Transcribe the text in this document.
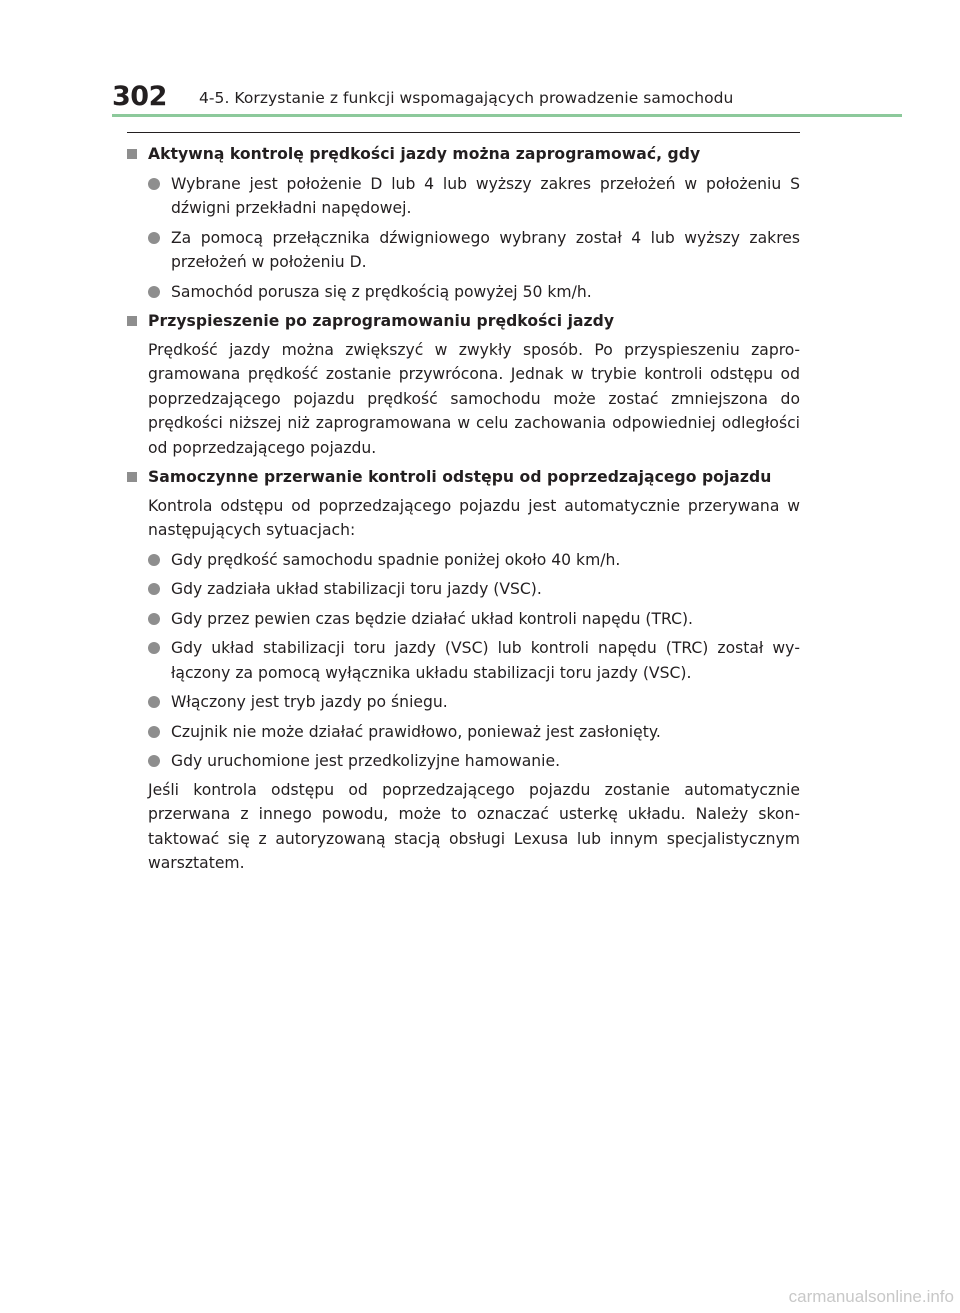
302 4-5. Korzystanie z funkcji wspomagających prowadzenie samochodu
Aktywną kontrolę prędkości jazdy można zaprogramować, gdy
Wybrane jest położenie D lub 4 lub wyższy zakres przełożeń w położeniu S dźwigni przekładni napędowej.
Za pomocą przełącznika dźwigniowego wybrany został 4 lub wyższy zakres przełożeń w położeniu D.
Samochód porusza się z prędkością powyżej 50 km/h.
Przyspieszenie po zaprogramowaniu prędkości jazdy
Prędkość jazdy można zwiększyć w zwykły sposób. Po przyspieszeniu zaprogramowana prędkość zostanie przywrócona. Jednak w trybie kontroli odstępu od poprzedzającego pojazdu prędkość samochodu może zostać zmniejszona do prędkości niższej niż zaprogramowana w celu zachowania odpowiedniej odległości od poprzedzającego pojazdu.
Samoczynne przerwanie kontroli odstępu od poprzedzającego pojazdu
Kontrola odstępu od poprzedzającego pojazdu jest automatycznie przerywana w następujących sytuacjach:
Gdy prędkość samochodu spadnie poniżej około 40 km/h.
Gdy zadziała układ stabilizacji toru jazdy (VSC).
Gdy przez pewien czas będzie działać układ kontroli napędu (TRC).
Gdy układ stabilizacji toru jazdy (VSC) lub kontroli napędu (TRC) został wyłączony za pomocą wyłącznika układu stabilizacji toru jazdy (VSC).
Włączony jest tryb jazdy po śniegu.
Czujnik nie może działać prawidłowo, ponieważ jest zasłonięty.
Gdy uruchomione jest przedkolizyjne hamowanie.
Jeśli kontrola odstępu od poprzedzającego pojazdu zostanie automatycznie przerwana z innego powodu, może to oznaczać usterkę układu. Należy skontaktować się z autoryzowaną stacją obsługi Lexusa lub innym specjalistycznym warsztatem.
carmanualsonline.info
